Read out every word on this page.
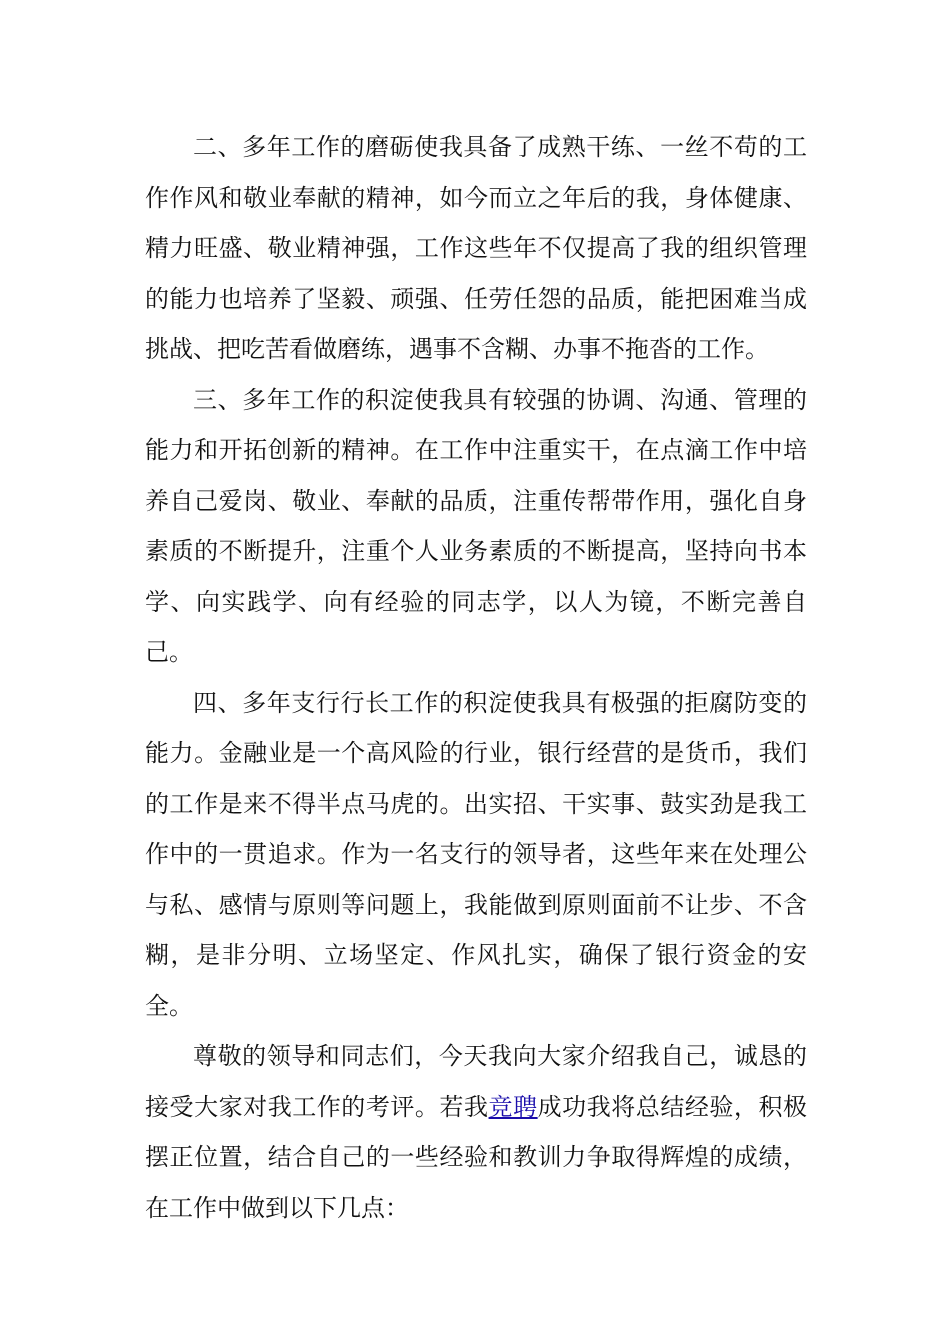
二、多年工作的磨砺使我具备了成熟干练、一丝不苟的工作作风和敬业奉献的精神，如今而立之年后的我，身体健康、精力旺盛、敬业精神强，工作这些年不仅提高了我的组织管理的能力也培养了坚毅、顽强、任劳任怨的品质，能把困难当成挑战、把吃苦看做磨练，遇事不含糊、办事不拖沓的工作。

三、多年工作的积淀使我具有较强的协调、沟通、管理的能力和开拓创新的精神。在工作中注重实干，在点滴工作中培养自己爱岗、敬业、奉献的品质，注重传帮带作用，强化自身素质的不断提升，注重个人业务素质的不断提高，坚持向书本学、向实践学、向有经验的同志学，以人为镜，不断完善自己。

四、多年支行行长工作的积淀使我具有极强的拒腐防变的能力。金融业是一个高风险的行业，银行经营的是货币，我们的工作是来不得半点马虎的。出实招、干实事、鼓实劲是我工作中的一贯追求。作为一名支行的领导者，这些年来在处理公与私、感情与原则等问题上，我能做到原则面前不让步、不含糊，是非分明、立场坚定、作风扎实，确保了银行资金的安全。

尊敬的领导和同志们，今天我向大家介绍我自己，诚恳的接受大家对我工作的考评。若我竞聘成功我将总结经验，积极摆正位置，结合自己的一些经验和教训力争取得辉煌的成绩，在工作中做到以下几点：
